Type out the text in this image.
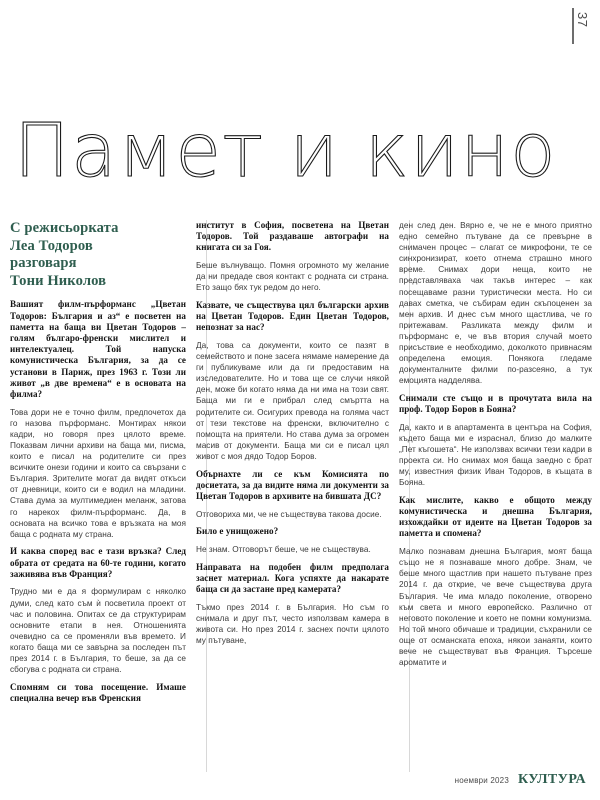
37
Памет и кино
С режисьорката
Леа Тодоров
разговаря
Тони Николов

Вашият филм-пърформанс „Цветан Тодоров: България и аз“ е посветен на паметта на баща ви Цветан Тодоров – голям българо-френски мислител и интелектуалец. Той напуска комунистическа България, за да се установи в Париж, през 1963 г. Този ли живот „в две времена“ е в основата на филма?

Това дори не е точно филм, предпочетох да го назова пърформанс. Монтирах някои кадри, но говоря през цялото време. Показвам лични архиви на баща ми, писма, които е писал на родителите си през всичките онези години и които са свързани с България. Зрителите могат да видят откъси от дневници, които си е водил на младини. Става дума за мултимедиен меланж, затова го нарекох филм-пърформанс. Да, в основата на всичко това е връзката на моя баща с родната му страна.

И каква според вас е тази връзка? След обрата от средата на 60-те години, когато заживява във Франция?

Трудно ми е да я формулирам с няколко думи, след като съм ѝ посветила проект от час и половина. Опитах се да структурирам основните етапи в нея. Отношенията очевидно са се променяли във времето. И когато баща ми се завърна за последен път през 2014 г. в България, то беше, за да се сбогува с родната си страна.

Спомням си това посещение. Имаше специална вечер във Френския

институт в София, посветена на Цветан Тодоров. Той раздаваше автографи на книгата си за Гоя.

Беше вълнуващо. Помня огромното му желание да ни предаде своя контакт с родната си страна. Ето защо бях тук редом до него.

Казвате, че съществува цял български архив на Цветан Тодоров. Един Цветан Тодоров, непознат за нас?

Да, това са документи, които се пазят в семейството и поне засега нямаме намерение да ги публикуваме или да ги предоставим на изследователите. Но и това ще се случи някой ден, може би когато няма да ни има на този свят. Баща ми ги е прибрал след смъртта на родителите си. Осигурих превода на голяма част от тези текстове на френски, включително с помощта на приятели. Но става дума за огромен масив от документи. Баща ми си е писал цял живот с моя дядо Тодор Боров.

Обърнахте ли се към Комисията по досиетата, за да видите няма ли документи за Цветан Тодоров в архивите на бившата ДС?

Отговориха ми, че не съществува такова досие.

Било е унищожено?

Не знам. Отговорът беше, че не съществува.

Направата на подобен филм предполага заснет материал. Кога успяхте да накарате баща си да застане пред камерата?

Тъкмо през 2014 г. в България. Но съм го снимала и друг път, често използвам камера в живота си. Но през 2014 г. заснех почти цялото му пътуване,

ден след ден. Вярно е, че не е много приятно едно семейно пътуване да се превърне в снимачен процес – слагат се микрофони, те се синхронизират, което отнема страшно много време. Снимах дори неща, които не представляваха чак такъв интерес – как посещаваме разни туристически места. Но си давах сметка, че събирам един скъпоценен за мен архив. И днес съм много щастлива, че го притежавам. Разликата между филм и пърформанс е, че във втория случай моето присъствие е необходимо, доколкото привнасям определена емоция. Понякога гледаме документалните филми по-разсеяно, а тук емоцията надделява.

Снимали сте също и в прочутата вила на проф. Тодор Боров в Бояна?

Да, както и в апартамента в центъра на София, където баща ми е израснал, близо до малките „Пет къгошета“. Не използвах всички тези кадри в проекта си. Но снимах моя баща заедно с брат му, известния физик Иван Тодоров, в къщата в Бояна.

Как мислите, какво е общото между комунистическа и днешна България, изхождайки от идеите на Цветан Тодоров за паметта и спомена?

Малко познавам днешна България, моят баща също не я познаваше много добре. Знам, че беше много щастлив при нашето пътуване през 2014 г. да открие, че вече съществува друга България. Че има младо поколение, отворено към света и много европейско. Различно от неговото поколение и което не помни комунизма. Но той много обичаше и традиции, съхранили се още от османската епоха, някои занаяти, които вече не съществуват във Франция. Търсеше ароматите и

ноември 2023 КУЛТУРА
